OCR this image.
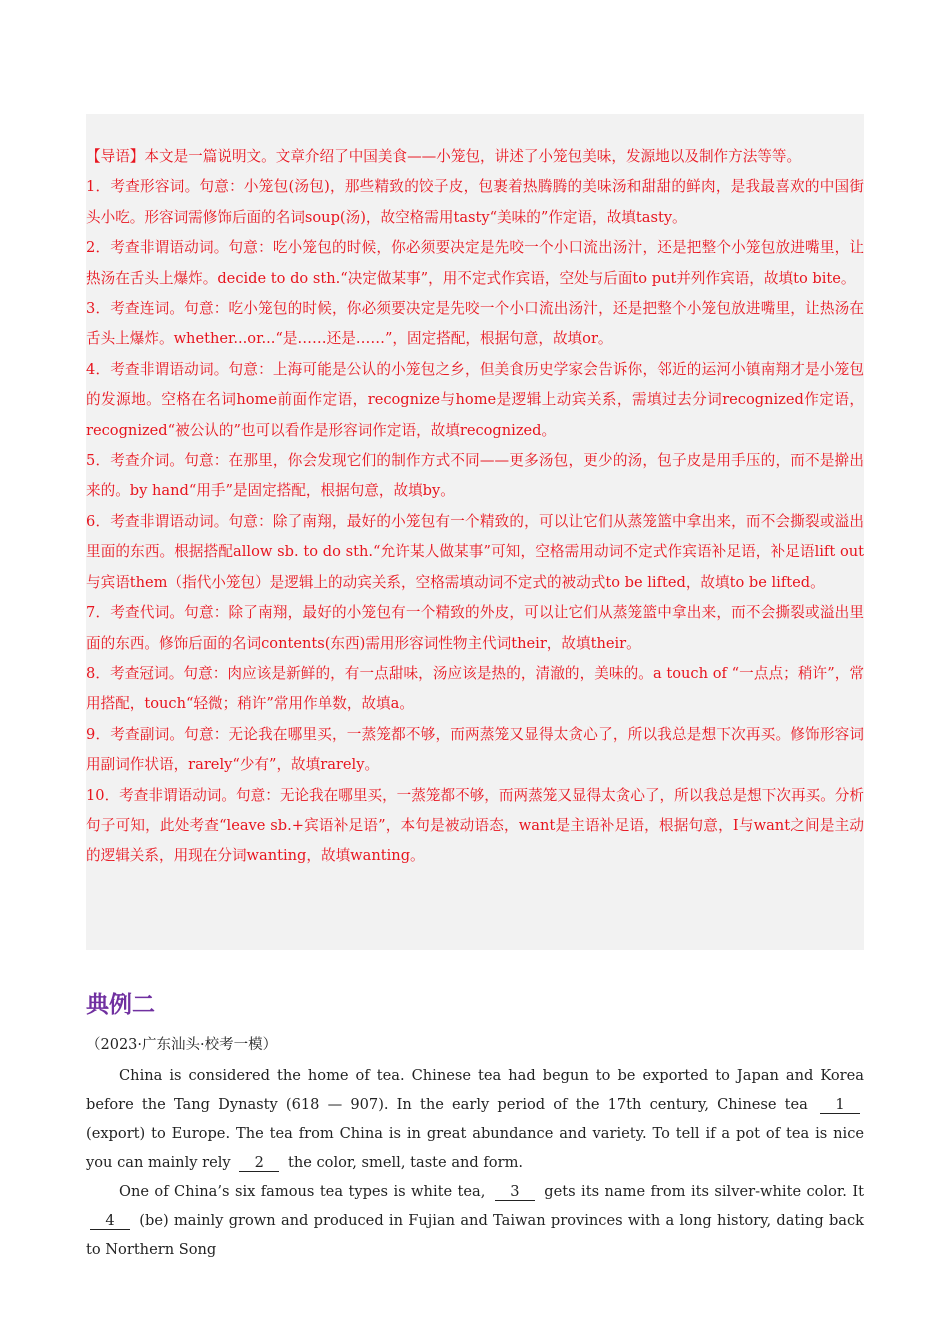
【导语】本文是一篇说明文。文章介绍了中国美食——小笼包，讲述了小笼包美味，发源地以及制作方法等等。

1．考查形容词。句意：小笼包(汤包)，那些精致的饺子皮，包裹着热腾腾的美味汤和甜甜的鲜肉，是我最喜欢的中国街头小吃。形容词需修饰后面的名词soup(汤)，故空格需用tasty“美味的”作定语，故填tasty。

2．考查非谓语动词。句意：吃小笼包的时候，你必须要决定是先咬一个小口流出汤汁，还是把整个小笼包放进嘴里，让热汤在舌头上爆炸。decide to do sth.“决定做某事”，用不定式作宾语，空处与后面to put并列作宾语，故填to bite。

3．考查连词。句意：吃小笼包的时候，你必须要决定是先咬一个小口流出汤汁，还是把整个小笼包放进嘴里，让热汤在舌头上爆炸。whether...or...“是……还是……”，固定搭配，根据句意，故填or。

4．考查非谓语动词。句意：上海可能是公认的小笼包之乡，但美食历史学家会告诉你，邻近的运河小镇南翔才是小笼包的发源地。空格在名词home前面作定语，recognize与home是逻辑上动宾关系，需填过去分词recognized作定语，recognized“被公认的”也可以看作是形容词作定语，故填recognized。

5．考查介词。句意：在那里，你会发现它们的制作方式不同——更多汤包，更少的汤，包子皮是用手压的，而不是擀出来的。by hand“用手”是固定搭配，根据句意，故填by。

6．考查非谓语动词。句意：除了南翔，最好的小笼包有一个精致的，可以让它们从蒸笼篮中拿出来，而不会撕裂或溢出里面的东西。根据搭配allow sb. to do sth.“允许某人做某事”可知，空格需用动词不定式作宾语补足语，补足语lift out与宾语them（指代小笼包）是逻辑上的动宾关系，空格需填动词不定式的被动式to be lifted，故填to be lifted。

7．考查代词。句意：除了南翔，最好的小笼包有一个精致的外皮，可以让它们从蒸笼篮中拿出来，而不会撕裂或溢出里面的东西。修饰后面的名词contents(东西)需用形容词性物主代词their，故填their。

8．考查冠词。句意：肉应该是新鲜的，有一点甜味，汤应该是热的，清澈的，美味的。a touch of “一点点；稍许”，常用搭配，touch“轻微；稍许”常用作单数，故填a。

9．考查副词。句意：无论我在哪里买，一蒸笼都不够，而两蒸笼又显得太贪心了，所以我总是想下次再买。修饰形容词用副词作状语，rarely“少有”，故填rarely。

10．考查非谓语动词。句意：无论我在哪里买，一蒸笼都不够，而两蒸笼又显得太贪心了，所以我总是想下次再买。分析句子可知，此处考查“leave sb.+宾语补足语”，本句是被动语态，want是主语补足语，根据句意，I与want之间是主动的逻辑关系，用现在分词wanting，故填wanting。

典例二

（2023·广东汕头·校考一模）

China is considered the home of tea. Chinese tea had begun to be exported to Japan and Korea before the Tang Dynasty (618 — 907). In the early period of the 17th century, Chinese tea 1 (export) to Europe. The tea from China is in great abundance and variety. To tell if a pot of tea is nice you can mainly rely 2 the color, smell, taste and form.

One of China’s six famous tea types is white tea, 3 gets its name from its silver-white color. It 4 (be) mainly grown and produced in Fujian and Taiwan provinces with a long history, dating back to Northern Song
